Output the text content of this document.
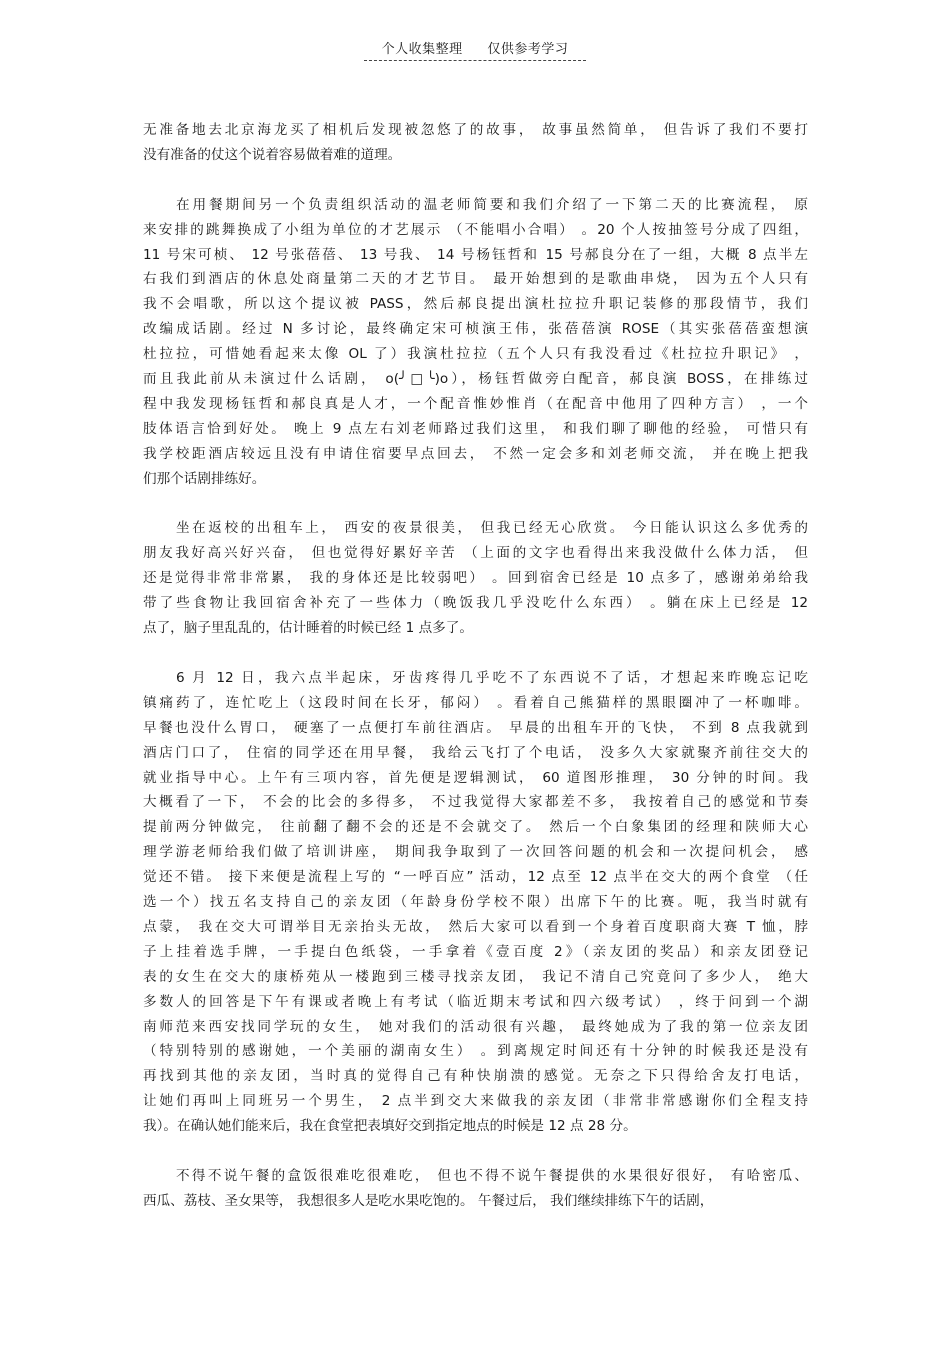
个人收集整理 仅供参考学习
无准备地去北京海龙买了相机后发现被忽悠了的故事， 故事虽然简单， 但告诉了我们不要打
没有准备的仗这个说着容易做着难的道理。
在用餐期间另一个负责组织活动的温老师简要和我们介绍了一下第二天的比赛流程， 原
来安排的跳舞换成了小组为单位的才艺展示 （不能唱小合唱） 。20 个人按抽签号分成了四组，
11 号宋可桢、 12 号张蓓蓓、 13 号我、 14 号杨钰哲和 15 号郝良分在了一组，大概 8 点半左
右我们到酒店的休息处商量第二天的才艺节目。 最开始想到的是歌曲串烧， 因为五个人只有
我不会唱歌，所以这个提议被 PASS，然后郝良提出演杜拉拉升职记装修的那段情节，我们
改编成话剧。经过 N 多讨论，最终确定宋可桢演王伟，张蓓蓓演 ROSE（其实张蓓蓓蛮想演
杜拉拉，可惜她看起来太像 OL 了）我演杜拉拉（五个人只有我没看过《杜拉拉升职记》 ，
而且我此前从未演过什么话剧， o(╯□╰)o），杨钰哲做旁白配音，郝良演 BOSS，在排练过
程中我发现杨钰哲和郝良真是人才，一个配音惟妙惟肖（在配音中他用了四种方言） ，一个
肢体语言恰到好处。 晚上 9 点左右刘老师路过我们这里， 和我们聊了聊他的经验， 可惜只有
我学校距酒店较远且没有申请住宿要早点回去， 不然一定会多和刘老师交流， 并在晚上把我
们那个话剧排练好。
坐在返校的出租车上， 西安的夜景很美， 但我已经无心欣赏。 今日能认识这么多优秀的
朋友我好高兴好兴奋， 但也觉得好累好辛苦 （上面的文字也看得出来我没做什么体力活， 但
还是觉得非常非常累， 我的身体还是比较弱吧） 。回到宿舍已经是 10 点多了，感谢弟弟给我
带了些食物让我回宿舍补充了一些体力（晚饭我几乎没吃什么东西） 。躺在床上已经是 12
点了，脑子里乱乱的，估计睡着的时候已经 1 点多了。
6 月 12 日，我六点半起床，牙齿疼得几乎吃不了东西说不了话，才想起来昨晚忘记吃
镇痛药了，连忙吃上（这段时间在长牙，郁闷） 。看着自己熊猫样的黑眼圈冲了一杯咖啡。
早餐也没什么胃口， 硬塞了一点便打车前往酒店。 早晨的出租车开的飞快， 不到 8 点我就到
酒店门口了， 住宿的同学还在用早餐， 我给云飞打了个电话， 没多久大家就聚齐前往交大的
就业指导中心。上午有三项内容，首先便是逻辑测试， 60 道图形推理， 30 分钟的时间。我
大概看了一下， 不会的比会的多得多， 不过我觉得大家都差不多， 我按着自己的感觉和节奏
提前两分钟做完， 往前翻了翻不会的还是不会就交了。 然后一个白象集团的经理和陕师大心
理学游老师给我们做了培训讲座， 期间我争取到了一次回答问题的机会和一次提问机会， 感
觉还不错。 接下来便是流程上写的 “一呼百应” 活动，12 点至 12 点半在交大的两个食堂 （任
选一个）找五名支持自己的亲友团（年龄身份学校不限）出席下午的比赛。呃，我当时就有
点蒙， 我在交大可谓举目无亲抬头无故， 然后大家可以看到一个身着百度职商大赛 T 恤，脖
子上挂着选手牌，一手提白色纸袋，一手拿着《壹百度 2》（亲友团的奖品）和亲友团登记
表的女生在交大的康桥苑从一楼跑到三楼寻找亲友团， 我记不清自己究竟问了多少人， 绝大
多数人的回答是下午有课或者晚上有考试（临近期末考试和四六级考试） ，终于问到一个湖
南师范来西安找同学玩的女生， 她对我们的活动很有兴趣， 最终她成为了我的第一位亲友团
（特别特别的感谢她，一个美丽的湖南女生） 。到离规定时间还有十分钟的时候我还是没有
再找到其他的亲友团，当时真的觉得自己有种快崩溃的感觉。无奈之下只得给舍友打电话，
让她们再叫上同班另一个男生， 2 点半到交大来做我的亲友团（非常非常感谢你们全程支持
我）。在确认她们能来后，我在食堂把表填好交到指定地点的时候是 12 点 28 分。
不得不说午餐的盒饭很难吃很难吃， 但也不得不说午餐提供的水果很好很好， 有哈密瓜、
西瓜、荔枝、圣女果等， 我想很多人是吃水果吃饱的。 午餐过后， 我们继续排练下午的话剧，
